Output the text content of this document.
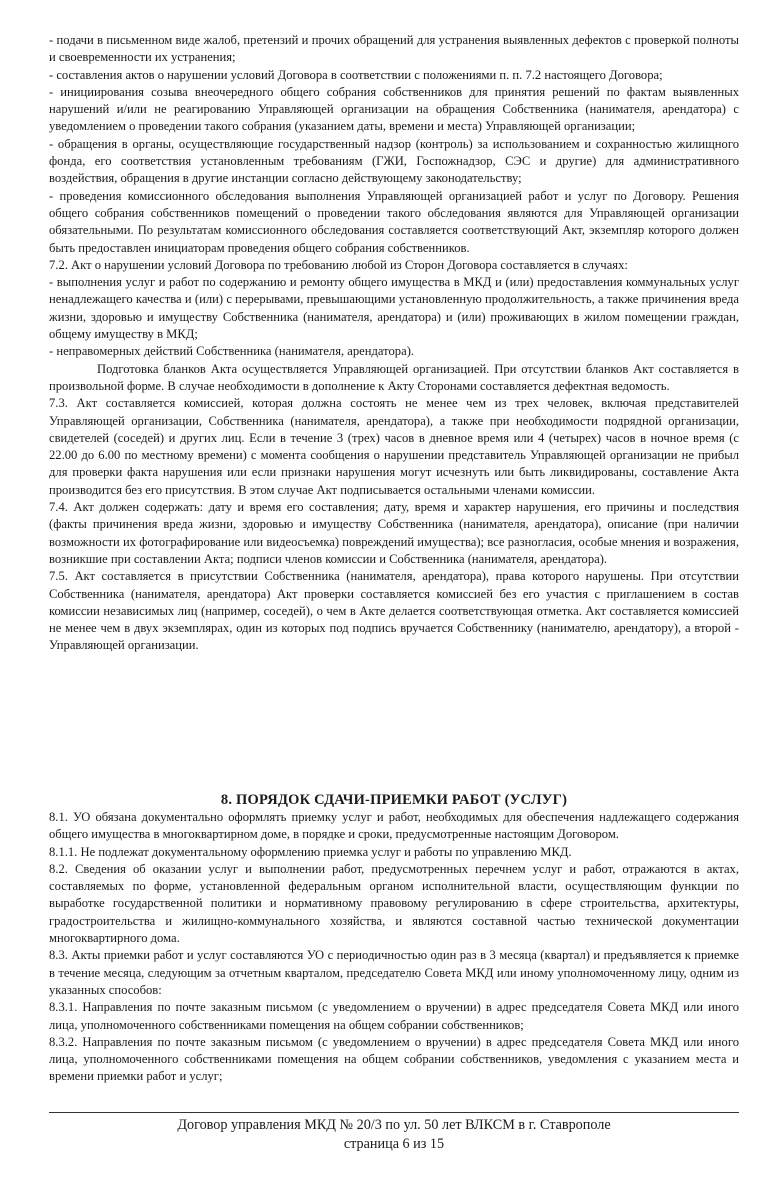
- подачи в письменном виде жалоб, претензий и прочих обращений для устранения выявленных дефектов с проверкой полноты и своевременности их устранения;

- составления актов о нарушении условий Договора в соответствии с положениями п. п. 7.2 настоящего Договора;

- инициирования созыва внеочередного общего собрания собственников для принятия решений по фактам выявленных нарушений и/или не реагированию Управляющей организации на обращения Собственника (нанимателя, арендатора) с уведомлением о проведении такого собрания (указанием даты, времени и места) Управляющей организации;

- обращения в органы, осуществляющие государственный надзор (контроль) за использованием и сохранностью жилищного фонда, его соответствия установленным требованиям (ГЖИ, Госпожнадзор, СЭС и другие) для административного воздействия, обращения в другие инстанции согласно действующему законодательству;

- проведения комиссионного обследования выполнения Управляющей организацией работ и услуг по Договору. Решения общего собрания собственников помещений о проведении такого обследования являются для Управляющей организации обязательными. По результатам комиссионного обследования составляется соответствующий Акт, экземпляр которого должен быть предоставлен инициаторам проведения общего собрания собственников.

7.2. Акт о нарушении условий Договора по требованию любой из Сторон Договора составляется в случаях:

- выполнения услуг и работ по содержанию и ремонту общего имущества в МКД и (или) предоставления коммунальных услуг ненадлежащего качества и (или) с перерывами, превышающими установленную продолжительность, а также причинения вреда жизни, здоровью и имуществу Собственника (нанимателя, арендатора) и (или) проживающих в жилом помещении граждан, общему имуществу в МКД;

- неправомерных действий Собственника (нанимателя, арендатора).

Подготовка бланков Акта осуществляется Управляющей организацией. При отсутствии бланков Акт составляется в произвольной форме. В случае необходимости в дополнение к Акту Сторонами составляется дефектная ведомость.

7.3. Акт составляется комиссией, которая должна состоять не менее чем из трех человек, включая представителей Управляющей организации, Собственника (нанимателя, арендатора), а также при необходимости подрядной организации, свидетелей (соседей) и других лиц. Если в течение 3 (трех) часов в дневное время или 4 (четырех) часов в ночное время (с 22.00 до 6.00 по местному времени) с момента сообщения о нарушении представитель Управляющей организации не прибыл для проверки факта нарушения или если признаки нарушения могут исчезнуть или быть ликвидированы, составление Акта производится без его присутствия. В этом случае Акт подписывается остальными членами комиссии.

7.4. Акт должен содержать: дату и время его составления; дату, время и характер нарушения, его причины и последствия (факты причинения вреда жизни, здоровью и имуществу Собственника (нанимателя, арендатора), описание (при наличии возможности их фотографирование или видеосъемка) повреждений имущества); все разногласия, особые мнения и возражения, возникшие при составлении Акта; подписи членов комиссии и Собственника (нанимателя, арендатора).

7.5. Акт составляется в присутствии Собственника (нанимателя, арендатора), права которого нарушены. При отсутствии Собственника (нанимателя, арендатора) Акт проверки составляется комиссией без его участия с приглашением в состав комиссии независимых лиц (например, соседей), о чем в Акте делается соответствующая отметка. Акт составляется комиссией не менее чем в двух экземплярах, один из которых под подпись вручается Собственнику (нанимателю, арендатору), а второй - Управляющей организации.

8. ПОРЯДОК СДАЧИ-ПРИЕМКИ РАБОТ (УСЛУГ)

8.1. УО обязана документально оформлять приемку услуг и работ, необходимых для обеспечения надлежащего содержания общего имущества в многоквартирном доме, в порядке и сроки, предусмотренные настоящим Договором.

8.1.1. Не подлежат документальному оформлению приемка услуг и работы по управлению МКД.

8.2. Сведения об оказании услуг и выполнении работ, предусмотренных перечнем услуг и работ, отражаются в актах, составляемых по форме, установленной федеральным органом исполнительной власти, осуществляющим функции по выработке государственной политики и нормативному правовому регулированию в сфере строительства, архитектуры, градостроительства и жилищно-коммунального хозяйства, и являются составной частью технической документации многоквартирного дома.

8.3. Акты приемки работ и услуг составляются УО с периодичностью один раз в 3 месяца (квартал) и предъявляется к приемке в течение месяца, следующим за отчетным кварталом, председателю Совета МКД или иному уполномоченному лицу, одним из указанных способов:

8.3.1. Направления по почте заказным письмом (с уведомлением о вручении) в адрес председателя Совета МКД или иного лица, уполномоченного собственниками помещения на общем собрании собственников;

8.3.2. Направления по почте заказным письмом (с уведомлением о вручении) в адрес председателя Совета МКД или иного лица, уполномоченного собственниками помещения на общем собрании собственников, уведомления с указанием места и времени приемки работ и услуг;

Договор управления МКД № 20/3 по ул. 50 лет ВЛКСМ в г. Ставрополе
страница 6 из 15
